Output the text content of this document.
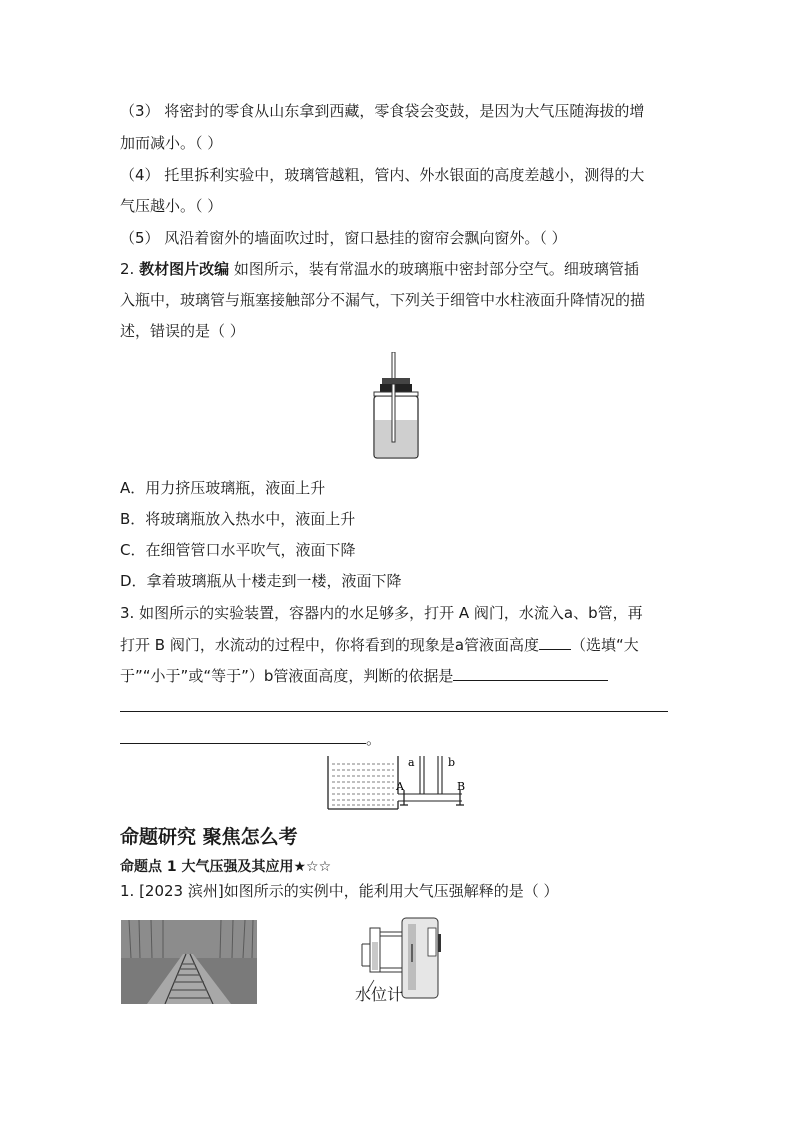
（3） 将密封的零食从山东拿到西藏，零食袋会变鼓，是因为大气压随海拔的增
加而减小。（ ）
（4） 托里拆利实验中，玻璃管越粗，管内、外水银面的高度差越小，测得的大
气压越小。（ ）
（5） 风沿着窗外的墙面吹过时，窗口悬挂的窗帘会飘向窗外。（ ）
2. 教材图片改编 如图所示，装有常温水的玻璃瓶中密封部分空气。细玻璃管插
入瓶中，玻璃管与瓶塞接触部分不漏气，下列关于细管中水柱液面升降情况的描
述，错误的是（ ）
A．用力挤压玻璃瓶，液面上升
B．将玻璃瓶放入热水中，液面上升
C．在细管管口水平吹气，液面下降
D．拿着玻璃瓶从十楼走到一楼，液面下降
3. 如图所示的实验装置，容器内的水足够多，打开 A 阀门，水流入a、b管，再
打开 B 阀门，水流动的过程中，你将看到的现象是a管液面高度 （选填“大
于”“小于”或“等于”）b管液面高度，判断的依据是
。
a	b
A	B
命题研究 聚焦怎么考
命题点 1 大气压强及其应用★☆☆
1. [2023 滨州]如图所示的实例中，能利用大气压强解释的是（ ）
水位计
